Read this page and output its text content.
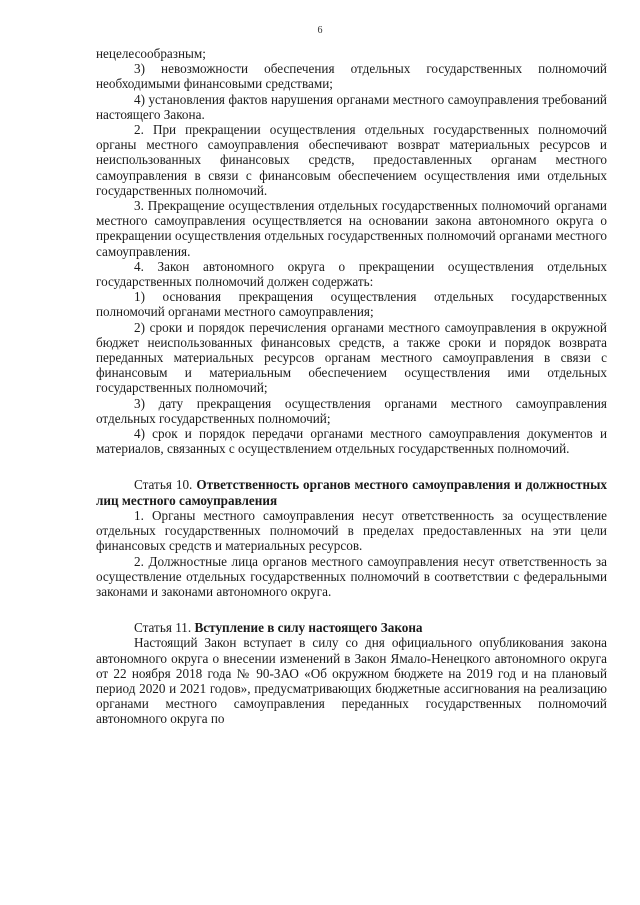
6

нецелесообразным;

3) невозможности обеспечения отдельных государственных полномочий необходимыми финансовыми средствами;

4) установления фактов нарушения органами местного самоуправления требований настоящего Закона.

2. При прекращении осуществления отдельных государственных полномочий органы местного самоуправления обеспечивают возврат материальных ресурсов и неиспользованных финансовых средств, предоставленных органам местного самоуправления в связи с финансовым обеспечением осуществления ими отдельных государственных полномочий.

3. Прекращение осуществления отдельных государственных полномочий органами местного самоуправления осуществляется на основании закона автономного округа о прекращении осуществления отдельных государственных полномочий органами местного самоуправления.

4. Закон автономного округа о прекращении осуществления отдельных государственных полномочий должен содержать:

1) основания прекращения осуществления отдельных государственных полномочий органами местного самоуправления;

2) сроки и порядок перечисления органами местного самоуправления в окружной бюджет неиспользованных финансовых средств, а также сроки и порядок возврата переданных материальных ресурсов органам местного самоуправления в связи с финансовым и материальным обеспечением осуществления ими отдельных государственных полномочий;

3) дату прекращения осуществления органами местного самоуправления отдельных государственных полномочий;

4) срок и порядок передачи органами местного самоуправления документов и материалов, связанных с осуществлением отдельных государственных полномочий.

Статья 10. Ответственность органов местного самоуправления и должностных лиц местного самоуправления

1. Органы местного самоуправления несут ответственность за осуществление отдельных государственных полномочий в пределах предоставленных на эти цели финансовых средств и материальных ресурсов.

2. Должностные лица органов местного самоуправления несут ответственность за осуществление отдельных государственных полномочий в соответствии с федеральными законами и законами автономного округа.

Статья 11. Вступление в силу настоящего Закона

Настоящий Закон вступает в силу со дня официального опубликования закона автономного округа о внесении изменений в Закон Ямало-Ненецкого автономного округа от 22 ноября 2018 года № 90-ЗАО «Об окружном бюджете на 2019 год и на плановый период 2020 и 2021 годов», предусматривающих бюджетные ассигнования на реализацию органами местного самоуправления переданных государственных полномочий автономного округа по
